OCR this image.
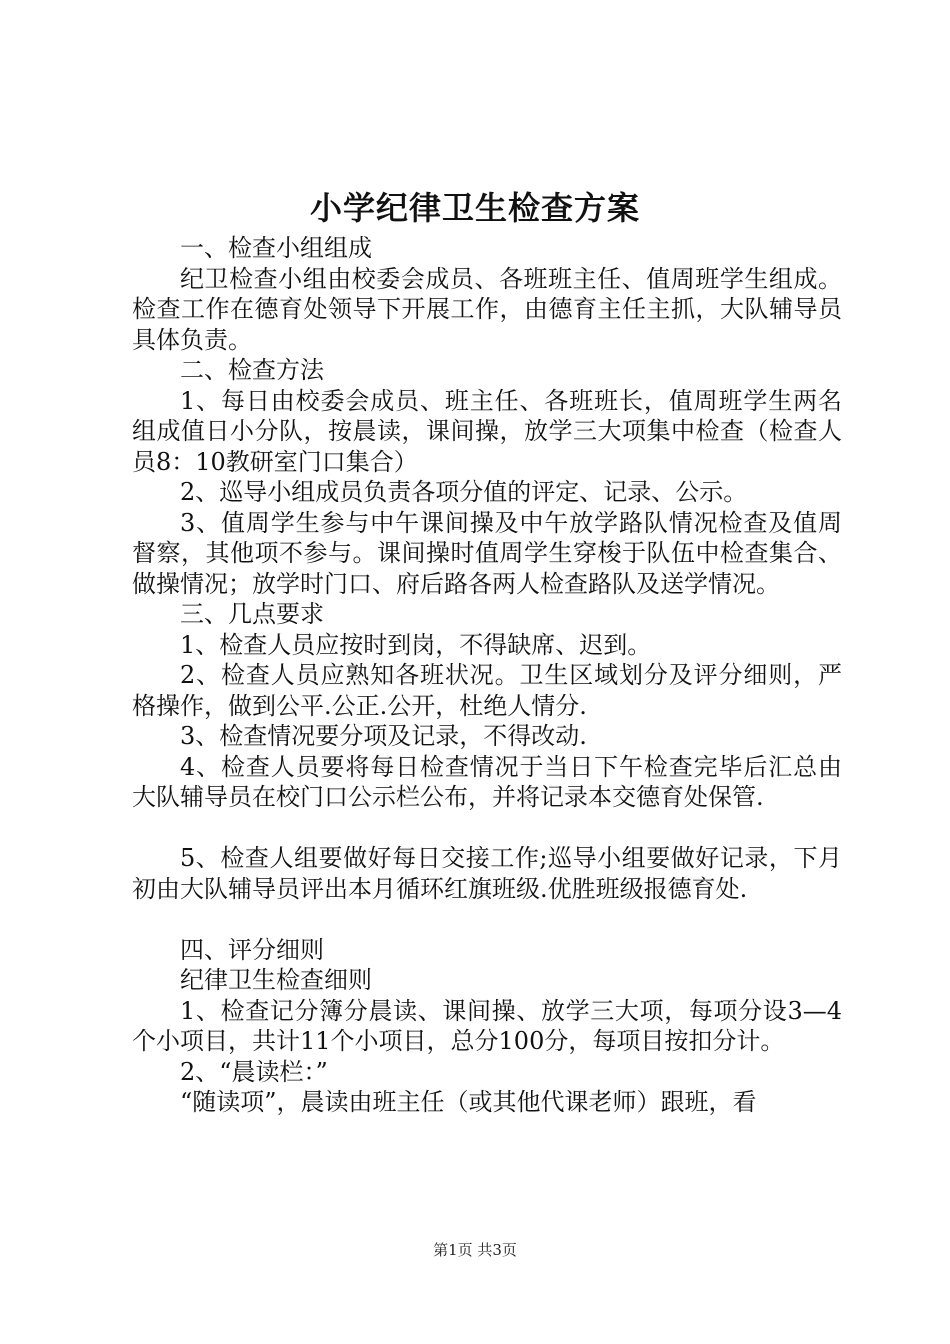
小学纪律卫生检查方案

一、检查小组组成

纪卫检查小组由校委会成员、各班班主任、值周班学生组成。检查工作在德育处领导下开展工作，由德育主任主抓，大队辅导员具体负责。

二、检查方法

1、每日由校委会成员、班主任、各班班长，值周班学生两名组成值日小分队，按晨读，课间操，放学三大项集中检查（检查人员8：10教研室门口集合）

2、巡导小组成员负责各项分值的评定、记录、公示。

3、值周学生参与中午课间操及中午放学路队情况检查及值周督察，其他项不参与。课间操时值周学生穿梭于队伍中检查集合、做操情况；放学时门口、府后路各两人检查路队及送学情况。

三、几点要求

1、检查人员应按时到岗，不得缺席、迟到。

2、检查人员应熟知各班状况。卫生区域划分及评分细则，严格操作，做到公平.公正.公开，杜绝人情分.

3、检查情况要分项及记录，不得改动.

4、检查人员要将每日检查情况于当日下午检查完毕后汇总由大队辅导员在校门口公示栏公布，并将记录本交德育处保管.

5、检查人组要做好每日交接工作;巡导小组要做好记录，下月初由大队辅导员评出本月循环红旗班级.优胜班级报德育处.

四、评分细则

纪律卫生检查细则

1、检查记分簿分晨读、课间操、放学三大项，每项分设3—4个小项目，共计11个小项目，总分100分，每项目按扣分计。

2、“晨读栏：”

“随读项”，晨读由班主任（或其他代课老师）跟班，看

第1页 共3页
